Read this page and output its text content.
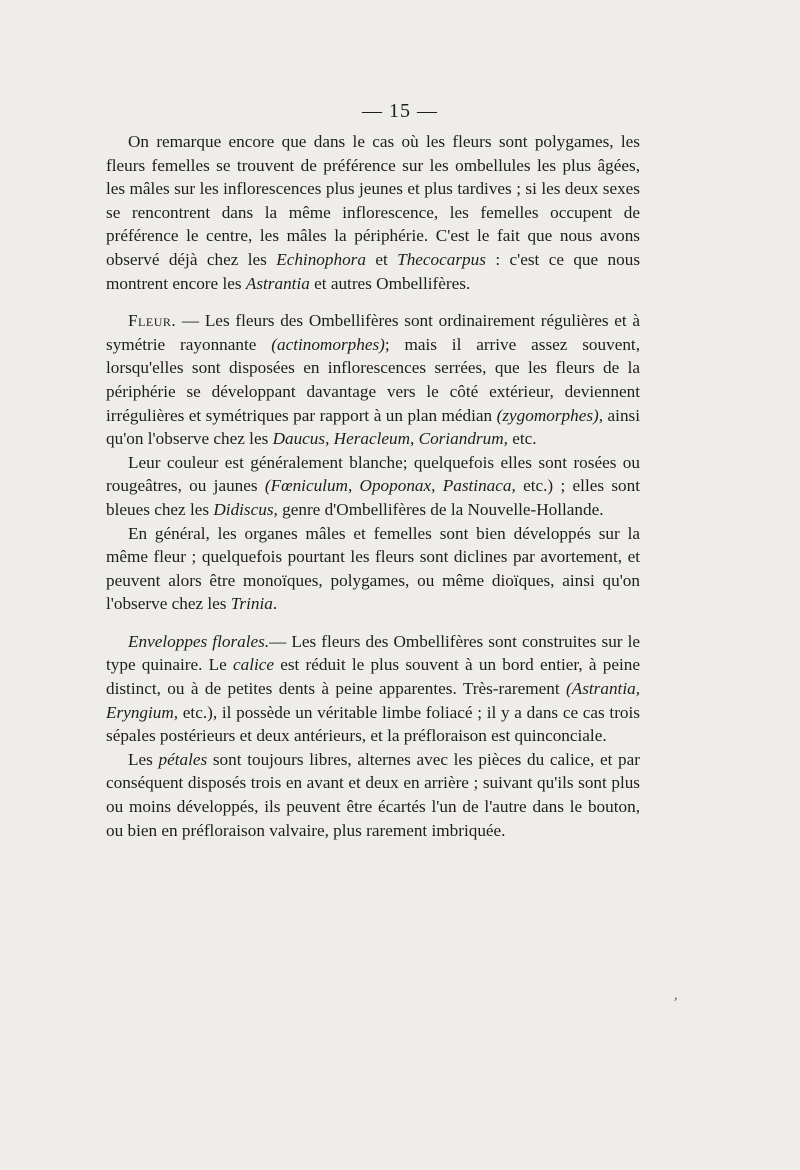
— 15 —

On remarque encore que dans le cas où les fleurs sont polygames, les fleurs femelles se trouvent de préférence sur les ombellules les plus âgées, les mâles sur les inflorescences plus jeunes et plus tardives ; si les deux sexes se rencontrent dans la même inflorescence, les femelles occupent de préférence le centre, les mâles la périphérie. C'est le fait que nous avons observé déjà chez les Echinophora et Thecocarpus : c'est ce que nous montrent encore les Astrantia et autres Ombellifères.

Fleur. — Les fleurs des Ombellifères sont ordinairement régulières et à symétrie rayonnante (actinomorphes); mais il arrive assez souvent, lorsqu'elles sont disposées en inflorescences serrées, que les fleurs de la périphérie se développant davantage vers le côté extérieur, deviennent irrégulières et symétriques par rapport à un plan médian (zygomorphes), ainsi qu'on l'observe chez les Daucus, Heracleum, Coriandrum, etc.

Leur couleur est généralement blanche; quelquefois elles sont rosées ou rougeâtres, ou jaunes (Fœniculum, Opoponax, Pastinaca, etc.) ; elles sont bleues chez les Didiscus, genre d'Ombellifères de la Nouvelle-Hollande.

En général, les organes mâles et femelles sont bien développés sur la même fleur ; quelquefois pourtant les fleurs sont diclines par avortement, et peuvent alors être monoïques, polygames, ou même dioïques, ainsi qu'on l'observe chez les Trinia.

Enveloppes florales.— Les fleurs des Ombellifères sont construites sur le type quinaire. Le calice est réduit le plus souvent à un bord entier, à peine distinct, ou à de petites dents à peine apparentes. Très-rarement (Astrantia, Eryngium, etc.), il possède un véritable limbe foliacé ; il y a dans ce cas trois sépales postérieurs et deux antérieurs, et la préfloraison est quinconciale.

Les pétales sont toujours libres, alternes avec les pièces du calice, et par conséquent disposés trois en avant et deux en arrière ; suivant qu'ils sont plus ou moins développés, ils peuvent être écartés l'un de l'autre dans le bouton, ou bien en préfloraison valvaire, plus rarement imbriquée.

,
